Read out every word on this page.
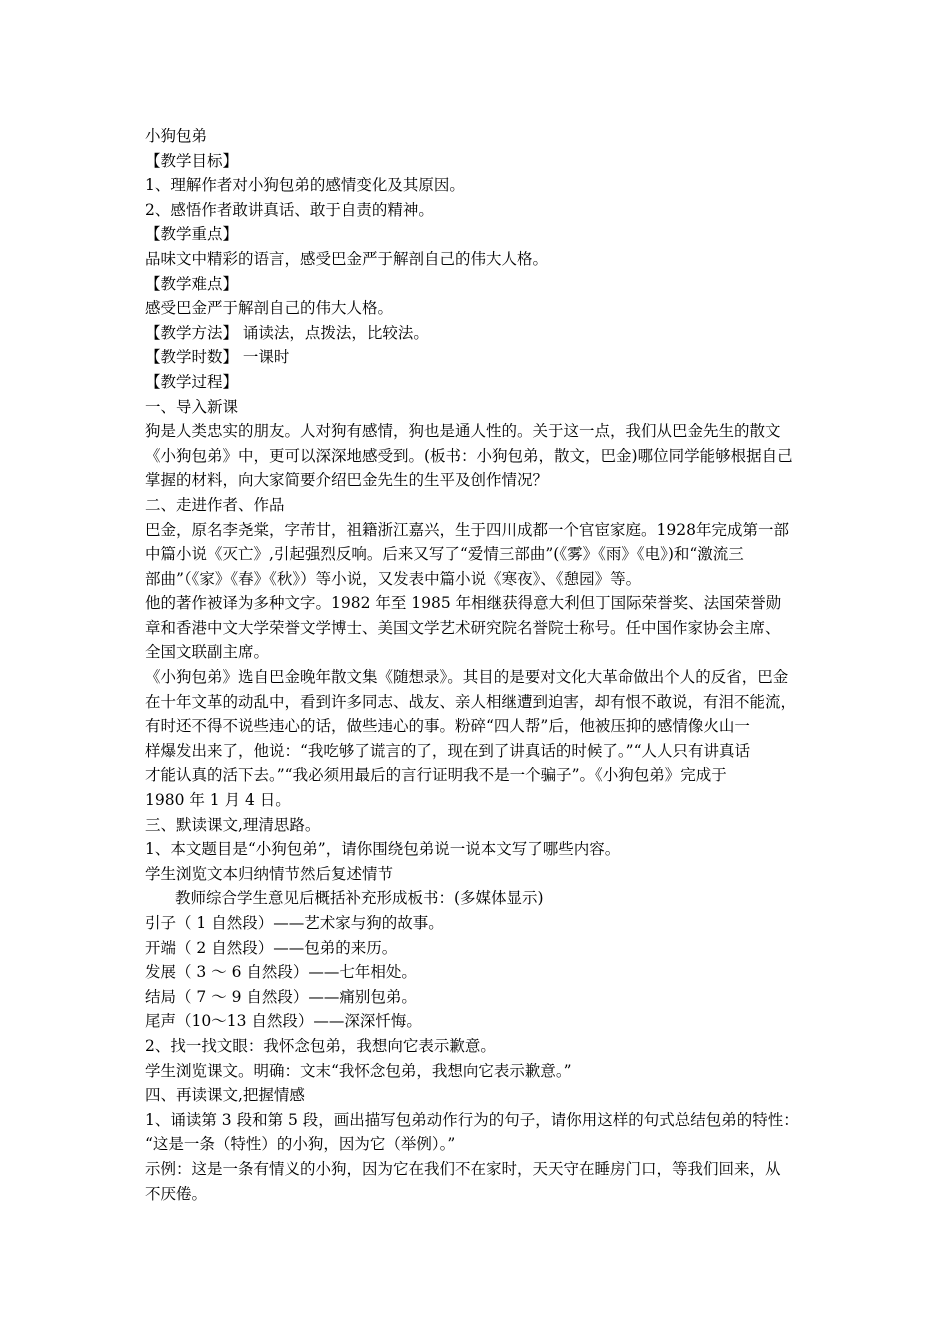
小狗包弟

【教学目标】

1、理解作者对小狗包弟的感情变化及其原因。

2、感悟作者敢讲真话、敢于自责的精神。

【教学重点】

品味文中精彩的语言，感受巴金严于解剖自己的伟大人格。

【教学难点】

感受巴金严于解剖自己的伟大人格。

【教学方法】 诵读法，点拨法，比较法。

【教学时数】 一课时

【教学过程】

一、导入新课

狗是人类忠实的朋友。人对狗有感情，狗也是通人性的。关于这一点，我们从巴金先生的散文

《小狗包弟》中，更可以深深地感受到。(板书：小狗包弟，散文，巴金)哪位同学能够根据自己

掌握的材料，向大家简要介绍巴金先生的生平及创作情况？

二、走进作者、作品

巴金，原名李尧棠，字芾甘，祖籍浙江嘉兴，生于四川成都一个官宦家庭。1928年完成第一部

中篇小说《灭亡》,引起强烈反响。后来又写了“爱情三部曲”(《雾》《雨》《电》)和“激流三

部曲”（《家》《春》《秋》）等小说，又发表中篇小说《寒夜》、《憩园》等。

他的著作被译为多种文字。1982 年至 1985 年相继获得意大利但丁国际荣誉奖、法国荣誉勋

章和香港中文大学荣誉文学博士、美国文学艺术研究院名誉院士称号。任中国作家协会主席、

全国文联副主席。

《小狗包弟》选自巴金晚年散文集《随想录》。其目的是要对文化大革命做出个人的反省，巴金

在十年文革的动乱中，看到许多同志、战友、亲人相继遭到迫害，却有恨不敢说，有泪不能流，

有时还不得不说些违心的话，做些违心的事。粉碎“四人帮”后，他被压抑的感情像火山一

样爆发出来了，他说：“我吃够了谎言的了，现在到了讲真话的时候了。”“人人只有讲真话

才能认真的活下去。”“我必须用最后的言行证明我不是一个骗子”。《小狗包弟》完成于

1980 年 1 月 4 日。

三、默读课文,理清思路。

1、本文题目是“小狗包弟”，请你围绕包弟说一说本文写了哪些内容。

学生浏览文本归纳情节然后复述情节

教师综合学生意见后概括补充形成板书：(多媒体显示)

引子（ 1 自然段）——艺术家与狗的故事。

开端（ 2 自然段）——包弟的来历。

发展（ 3 ～ 6 自然段）——七年相处。

结局（ 7 ～ 9 自然段）——痛别包弟。

尾声（10～13 自然段）——深深忏悔。

2、找一找文眼：我怀念包弟，我想向它表示歉意。

学生浏览课文。明确：文末“我怀念包弟，我想向它表示歉意。”

四、再读课文,把握情感

1、诵读第 3 段和第 5 段，画出描写包弟动作行为的句子，请你用这样的句式总结包弟的特性：

“这是一条（特性）的小狗，因为它（举例）。”

示例：这是一条有情义的小狗，因为它在我们不在家时，天天守在睡房门口，等我们回来，从

不厌倦。
